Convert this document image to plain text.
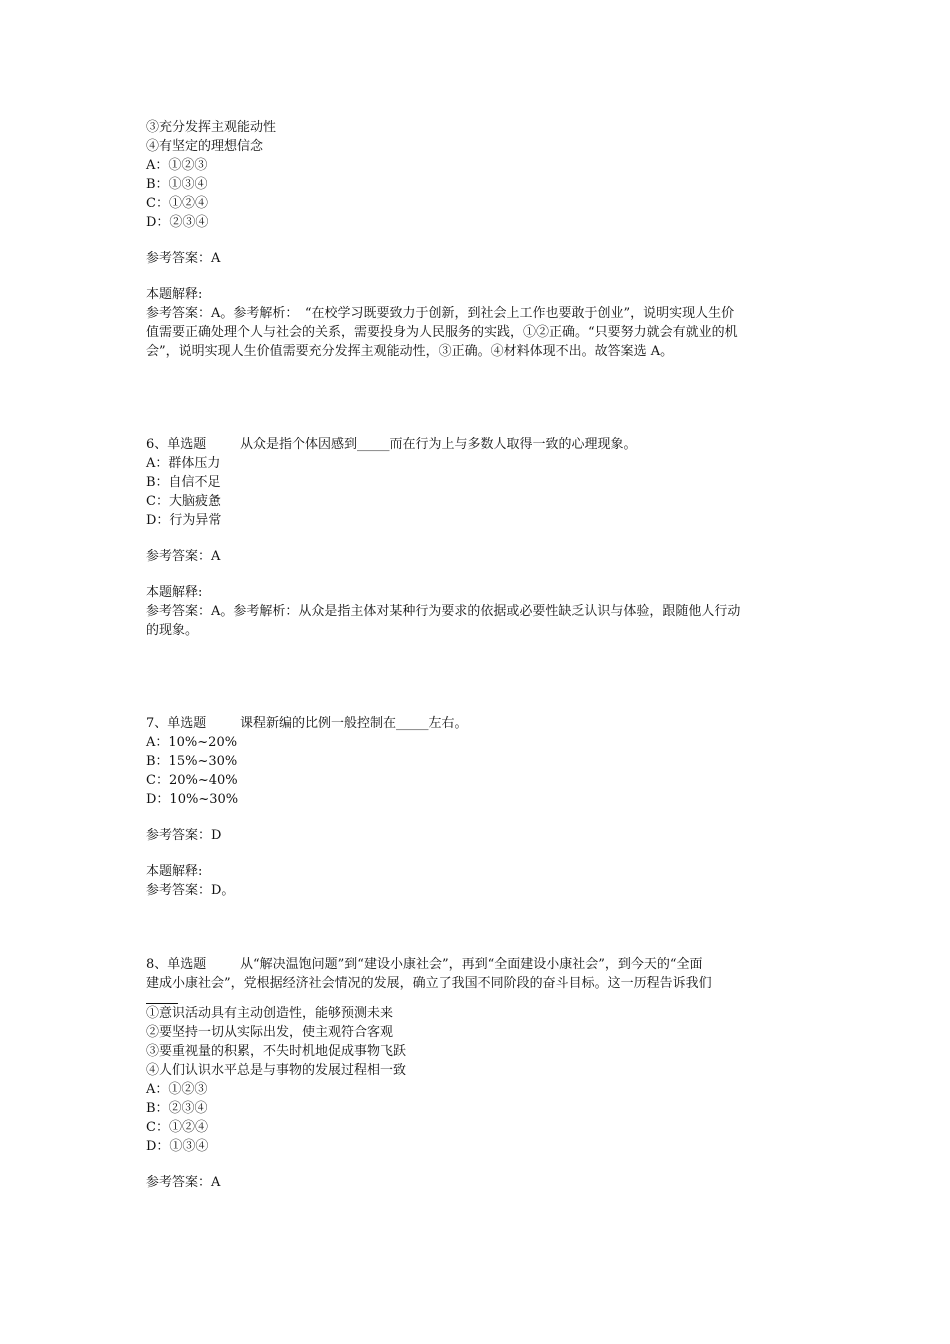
③充分发挥主观能动性
④有坚定的理想信念
A：①②③
B：①③④
C：①②④
D：②③④
参考答案：A
本题解释:
参考答案：A。参考解析：　“在校学习既要致力于创新，到社会上工作也要敢于创业”，说明实现人生价
值需要正确处理个人与社会的关系，需要投身为人民服务的实践，①②正确。“只要努力就会有就业的机
会”，说明实现人生价值需要充分发挥主观能动性，③正确。④材料体现不出。故答案选 A。
6、单选题	从众是指个体因感到_____而在行为上与多数人取得一致的心理现象。
A：群体压力
B：自信不足
C：大脑疲惫
D：行为异常
参考答案：A
本题解释:
参考答案：A。参考解析：从众是指主体对某种行为要求的依据或必要性缺乏认识与体验，跟随他人行动
的现象。
7、单选题	课程新编的比例一般控制在_____左右。
A：10%~20%
B：15%~30%
C：20%~40%
D：10%~30%
参考答案：D
本题解释:
参考答案：D。
8、单选题	从“解决温饱问题”到“建设小康社会”，再到“全面建设小康社会”，到今天的“全面
建成小康社会”，党根据经济社会情况的发展，确立了我国不同阶段的奋斗目标。这一历程告诉我们
①意识活动具有主动创造性，能够预测未来
②要坚持一切从实际出发，使主观符合客观
③要重视量的积累，不失时机地促成事物飞跃
④人们认识水平总是与事物的发展过程相一致
A：①②③
B：②③④
C：①②④
D：①③④
参考答案：A
